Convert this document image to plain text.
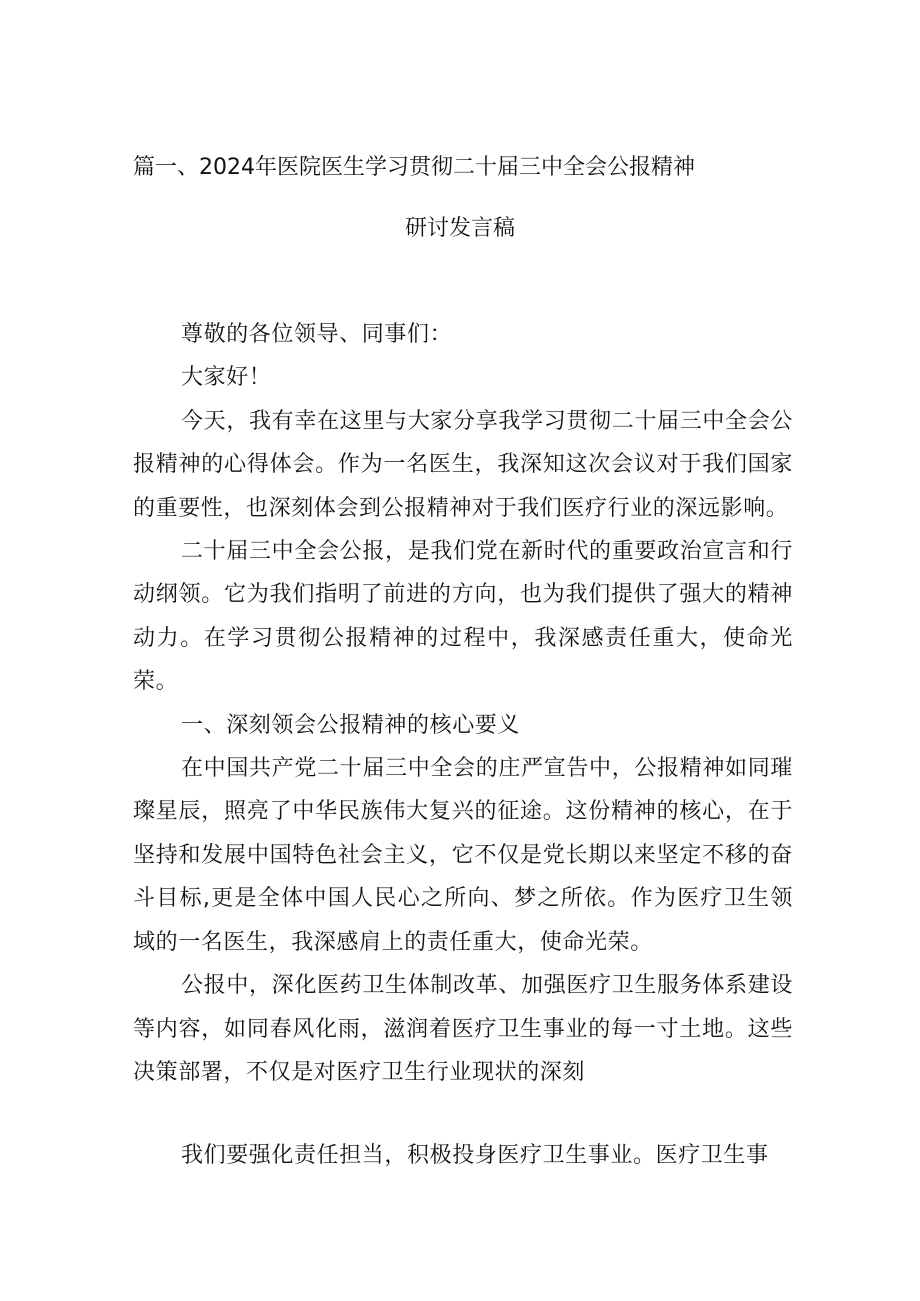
篇一、2024年医院医生学习贯彻二十届三中全会公报精神
研讨发言稿

尊敬的各位领导、同事们：

大家好！

今天，我有幸在这里与大家分享我学习贯彻二十届三中全会公报精神的心得体会。作为一名医生，我深知这次会议对于我们国家的重要性，也深刻体会到公报精神对于我们医疗行业的深远影响。

二十届三中全会公报，是我们党在新时代的重要政治宣言和行动纲领。它为我们指明了前进的方向，也为我们提供了强大的精神动力。在学习贯彻公报精神的过程中，我深感责任重大，使命光荣。

一、深刻领会公报精神的核心要义

在中国共产党二十届三中全会的庄严宣告中，公报精神如同璀璨星辰，照亮了中华民族伟大复兴的征途。这份精神的核心，在于坚持和发展中国特色社会主义，它不仅是党长期以来坚定不移的奋斗目标,更是全体中国人民心之所向、梦之所依。作为医疗卫生领域的一名医生，我深感肩上的责任重大，使命光荣。

公报中，深化医药卫生体制改革、加强医疗卫生服务体系建设等内容，如同春风化雨，滋润着医疗卫生事业的每一寸土地。这些决策部署，不仅是对医疗卫生行业现状的深刻

我们要强化责任担当，积极投身医疗卫生事业。医疗卫生事
